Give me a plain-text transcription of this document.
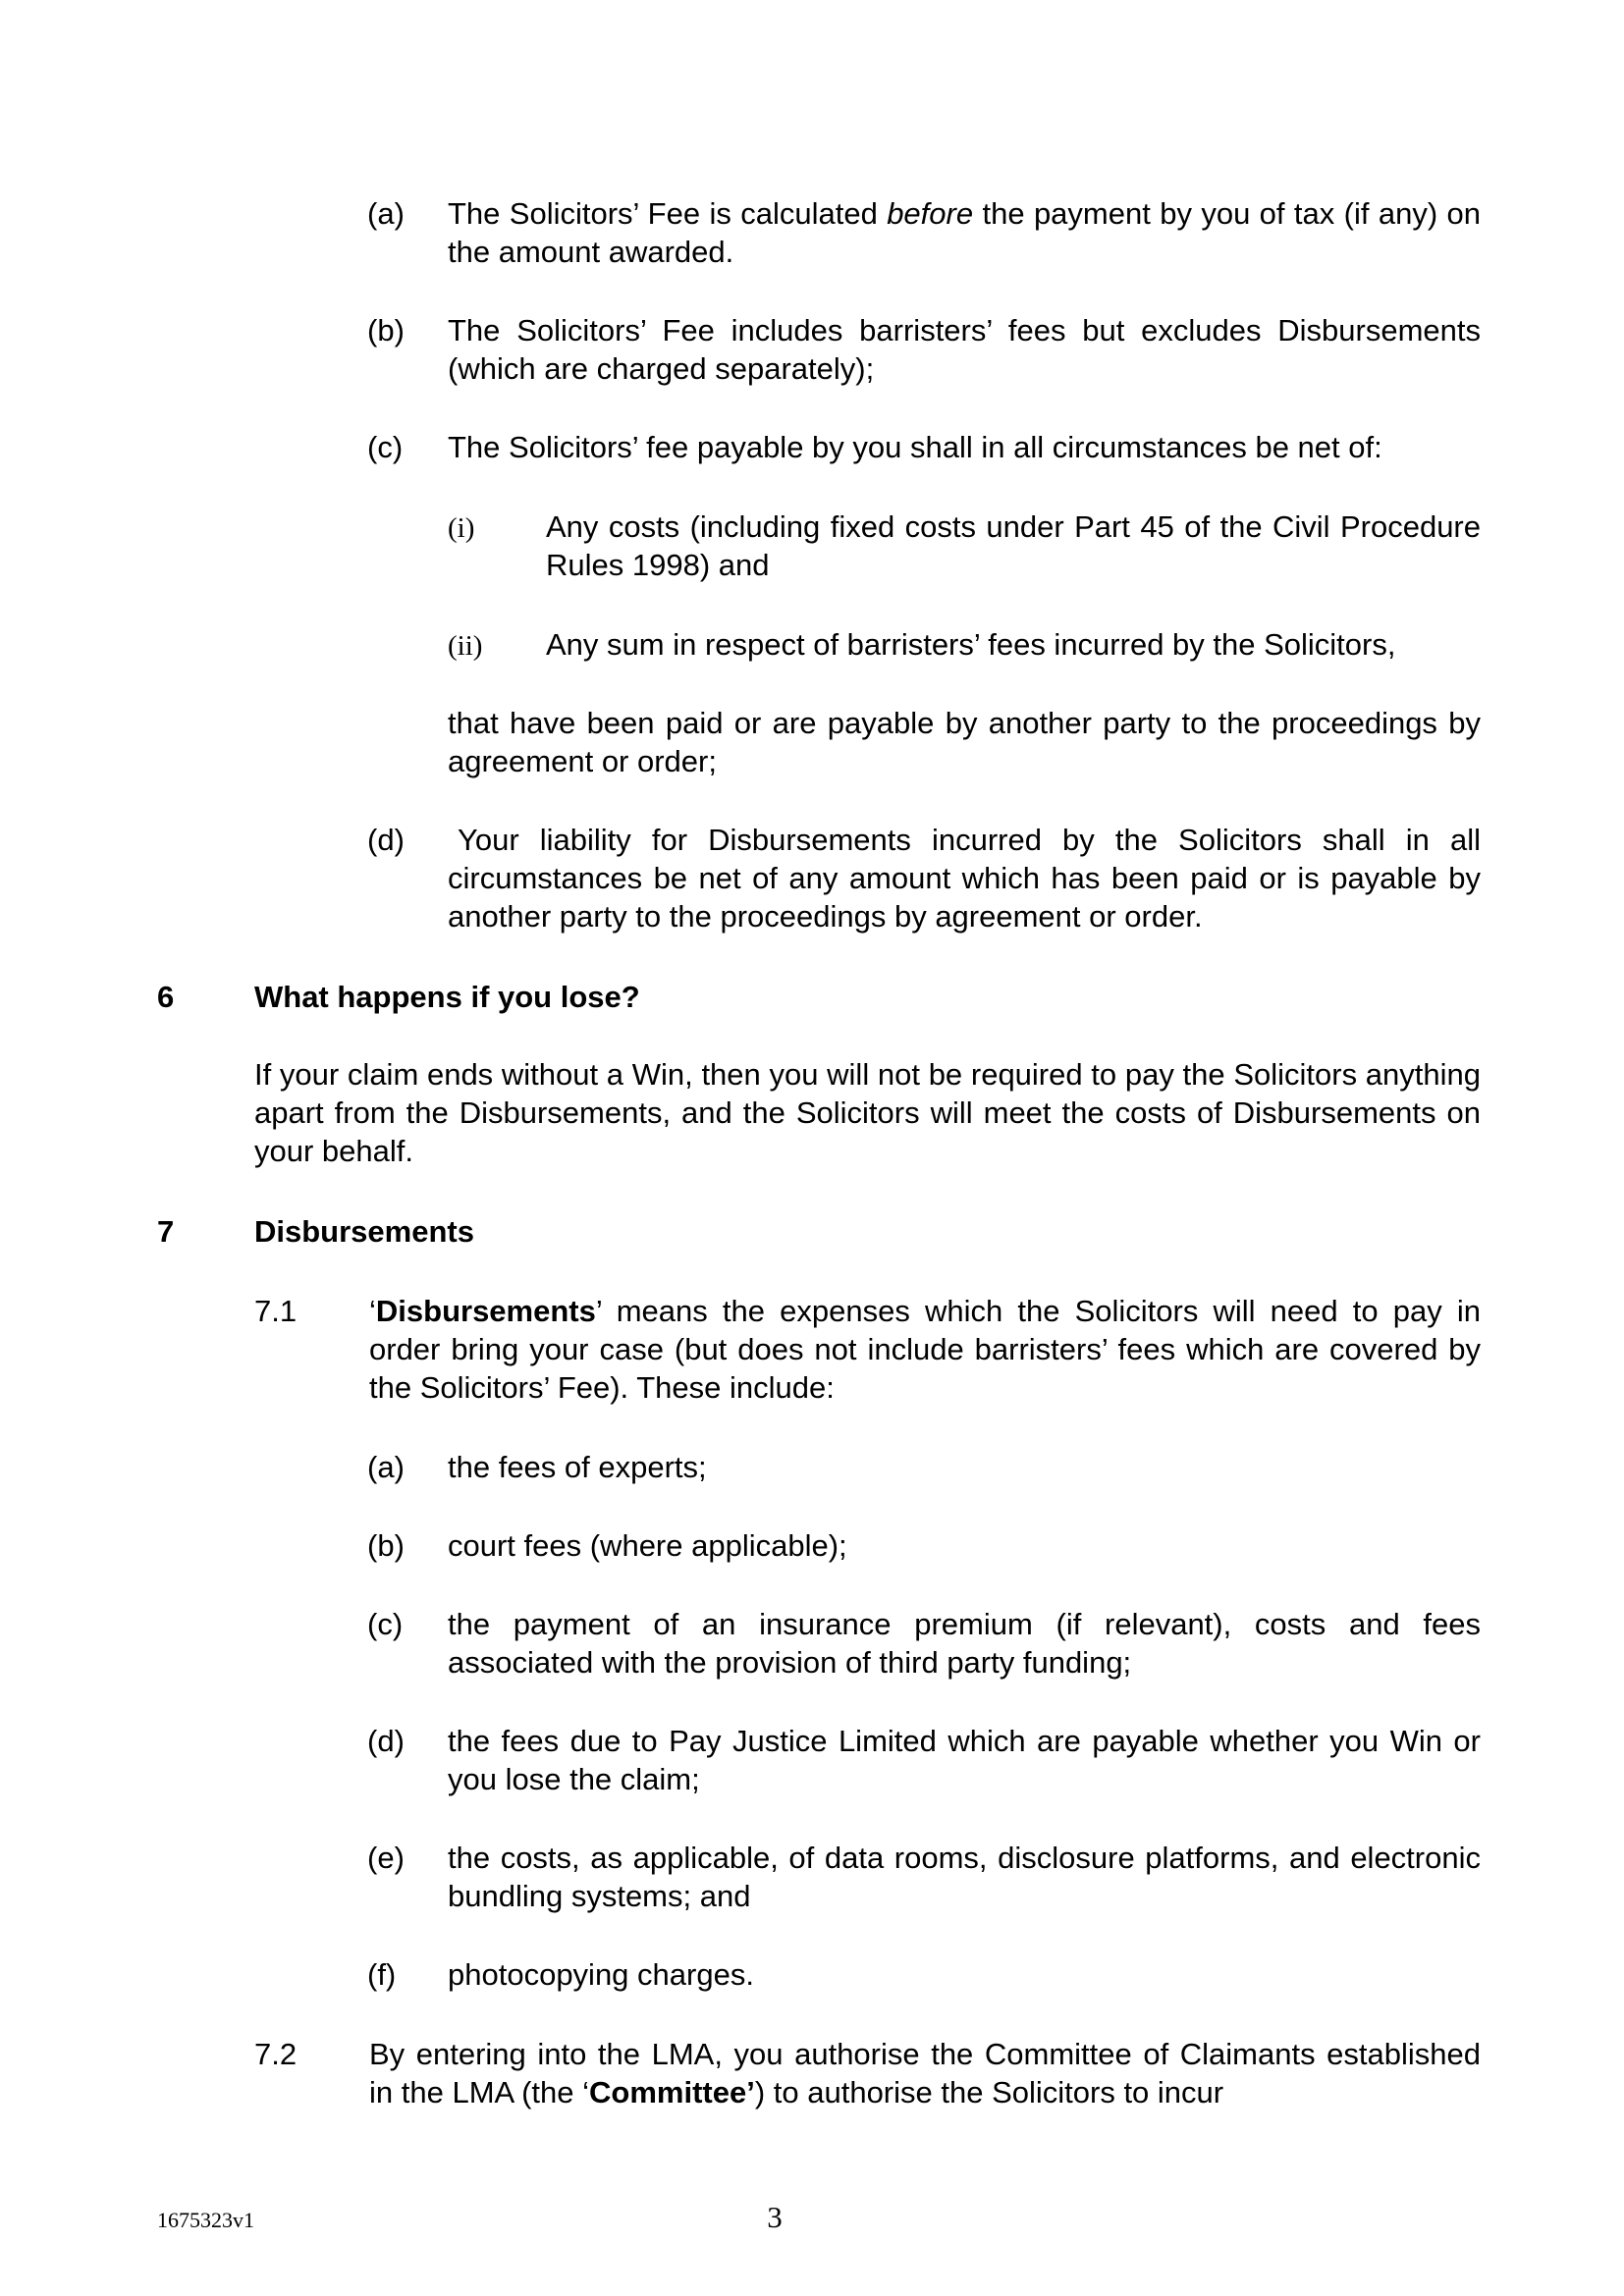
(a) The Solicitors’ Fee is calculated before the payment by you of tax (if any) on the amount awarded.

(b) The Solicitors’ Fee includes barristers’ fees but excludes Disbursements (which are charged separately);

(c) The Solicitors’ fee payable by you shall in all circumstances be net of:

(i) Any costs (including fixed costs under Part 45 of the Civil Procedure Rules 1998) and

(ii) Any sum in respect of barristers’ fees incurred by the Solicitors,

that have been paid or are payable by another party to the proceedings by agreement or order;

(d)	Your liability for Disbursements incurred by the Solicitors shall in all circumstances be net of any amount which has been paid or is payable by another party to the proceedings by agreement or order.

6	What happens if you lose?

If your claim ends without a Win, then you will not be required to pay the Solicitors anything apart from the Disbursements, and the Solicitors will meet the costs of Disbursements on your behalf.

7	Disbursements
7.1 ‘Disbursements’ means the expenses which the Solicitors will need to pay in order bring your case (but does not include barristers’ fees which are covered by the Solicitors’ Fee). These include:

(a) the fees of experts;

(b) court fees (where applicable);

(c) the payment of an insurance premium (if relevant), costs and fees associated with the provision of third party funding;

(d) the fees due to Pay Justice Limited which are payable whether you Win or you lose the claim;

(e) the costs, as applicable, of data rooms, disclosure platforms, and electronic bundling systems; and

(f) photocopying charges.

7.2 By entering into the LMA, you authorise the Committee of Claimants established in the LMA (the ‘Committee’) to authorise the Solicitors to incur

1675323v1	3
